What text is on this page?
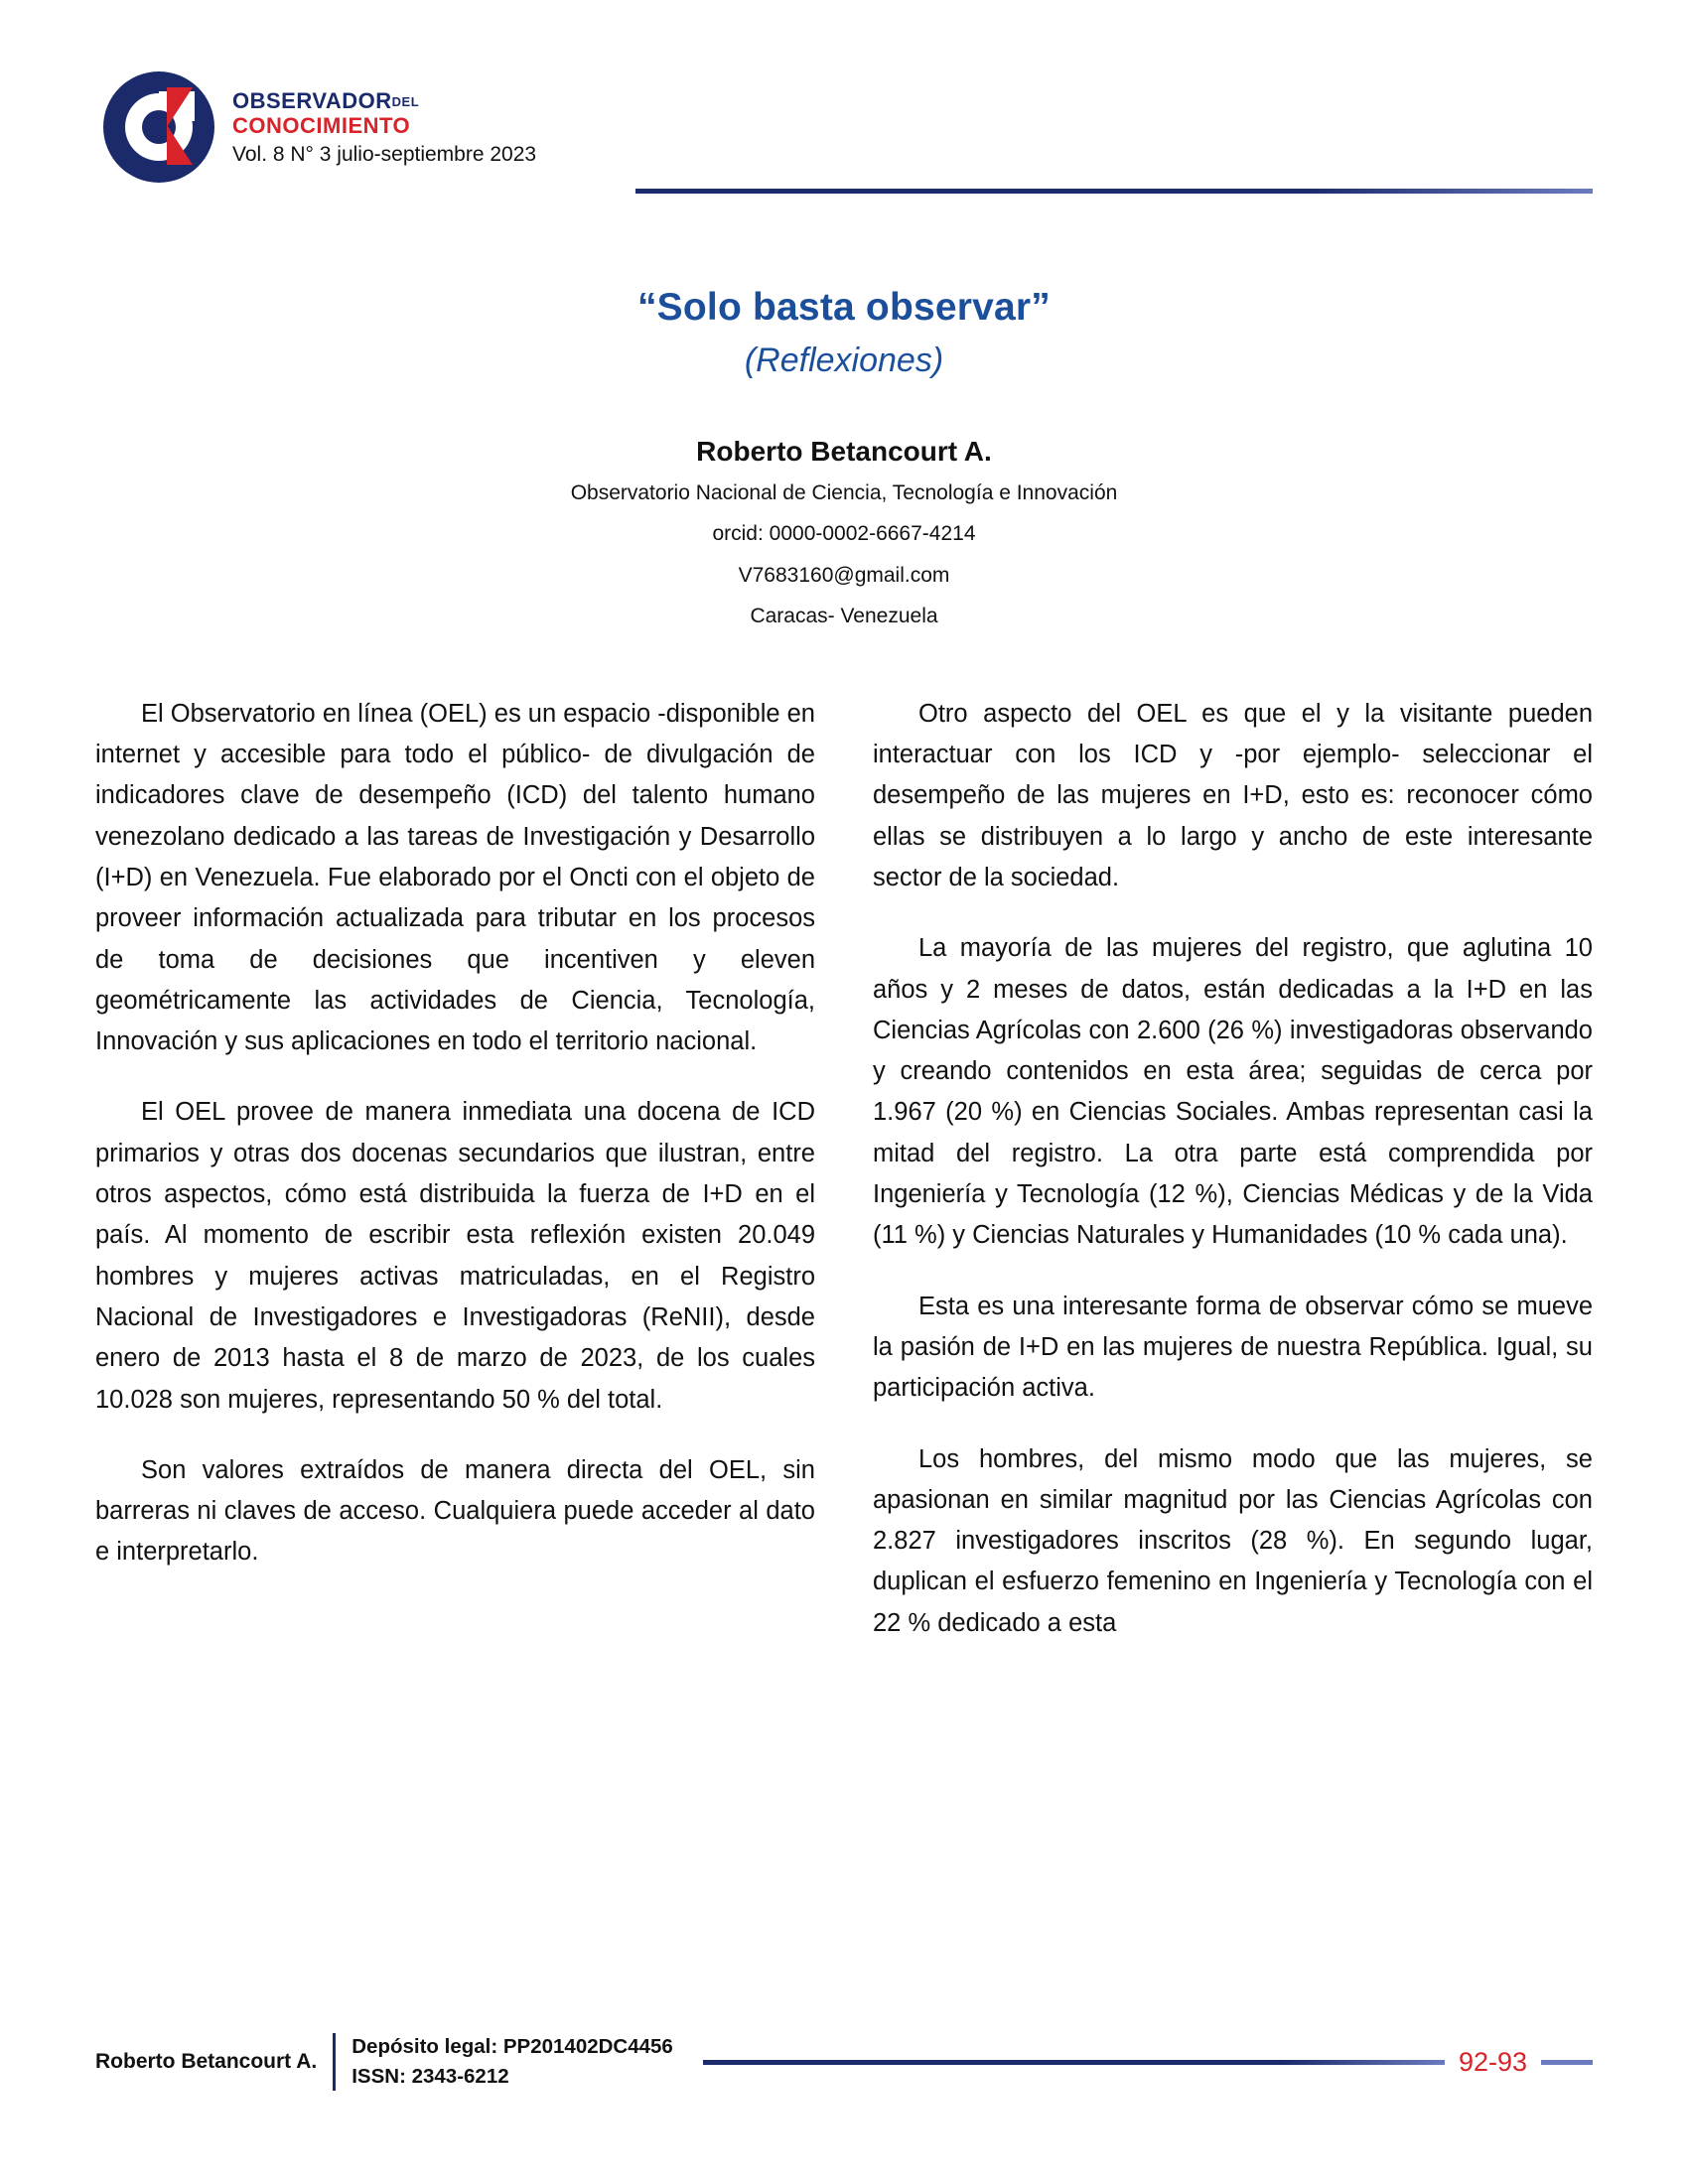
OBSERVADORDEL
CONOCIMIENTO
Vol. 8 N° 3 julio-septiembre 2023
“Solo basta observar”
(Reflexiones)
Roberto Betancourt A.
Observatorio Nacional de Ciencia, Tecnología e Innovación
orcid: 0000-0002-6667-4214
V7683160@gmail.com
Caracas- Venezuela

El Observatorio en línea (OEL) es un espacio -disponible en internet y accesible para todo el público- de divulgación de indicadores clave de desempeño (ICD) del talento humano venezolano dedicado a las tareas de Investigación y Desarrollo (I+D) en Venezuela. Fue elaborado por el Oncti con el objeto de proveer información actualizada para tributar en los procesos de toma de decisiones que incentiven y eleven geométricamente las actividades de Ciencia, Tecnología, Innovación y sus aplicaciones en todo el territorio nacional.

El OEL provee de manera inmediata una docena de ICD primarios y otras dos docenas secundarios que ilustran, entre otros aspectos, cómo está distribuida la fuerza de I+D en el país. Al momento de escribir esta reflexión existen 20.049 hombres y mujeres activas matriculadas, en el Registro Nacional de Investigadores e Investigadoras (ReNII), desde enero de 2013 hasta el 8 de marzo de 2023, de los cuales 10.028 son mujeres, representando 50 % del total.

Son valores extraídos de manera directa del OEL, sin barreras ni claves de acceso. Cualquiera puede acceder al dato e interpretarlo.

Otro aspecto del OEL es que el y la visitante pueden interactuar con los ICD y -por ejemplo- seleccionar el desempeño de las mujeres en I+D, esto es: reconocer cómo ellas se distribuyen a lo largo y ancho de este interesante sector de la sociedad.

La mayoría de las mujeres del registro, que aglutina 10 años y 2 meses de datos, están dedicadas a la I+D en las Ciencias Agrícolas con 2.600 (26 %) investigadoras observando y creando contenidos en esta área; seguidas de cerca por 1.967 (20 %) en Ciencias Sociales. Ambas representan casi la mitad del registro. La otra parte está comprendida por Ingeniería y Tecnología (12 %), Ciencias Médicas y de la Vida (11 %) y Ciencias Naturales y Humanidades (10 % cada una).

Esta es una interesante forma de observar cómo se mueve la pasión de I+D en las mujeres de nuestra República. Igual, su participación activa.

Los hombres, del mismo modo que las mujeres, se apasionan en similar magnitud por las Ciencias Agrícolas con 2.827 investigadores inscritos (28 %). En segundo lugar, duplican el esfuerzo femenino en Ingeniería y Tecnología con el 22 % dedicado a esta

Roberto Betancourt A.
Depósito legal: PP201402DC4456
ISSN: 2343-6212	92-93
